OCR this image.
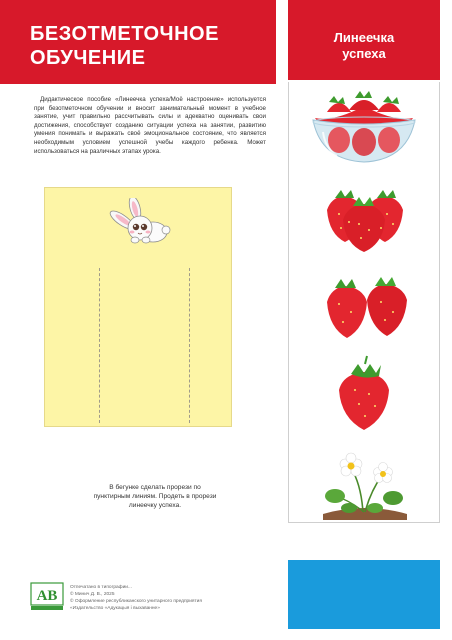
БЕЗОТМЕТОЧНОЕ
ОБУЧЕНИЕ

Дидактическое пособие «Линеечка успеха/Моё настроение» используется при безотметочном обучении и вносит занимательный момент в учебное занятие, учит правильно рассчитывать силы и адекватно оценивать свои достижения, способствует созданию ситуации успеха на занятии, развитию умения понимать и выражать своё эмоциональное состояние, что является необходимым условием успешной учебы каждого ребенка. Может использоваться на различных этапах урока.

В бегунке сделать прорези по пунктирным линиям. Продеть в прорези линеечку успеха.

AB
Отпечатано в типографии...
© Минич Д. В., 2025
© Оформление республиканского унитарного предприятия
«Издательство «Адукацыя і выхаванне»

Линеечка
успеха
